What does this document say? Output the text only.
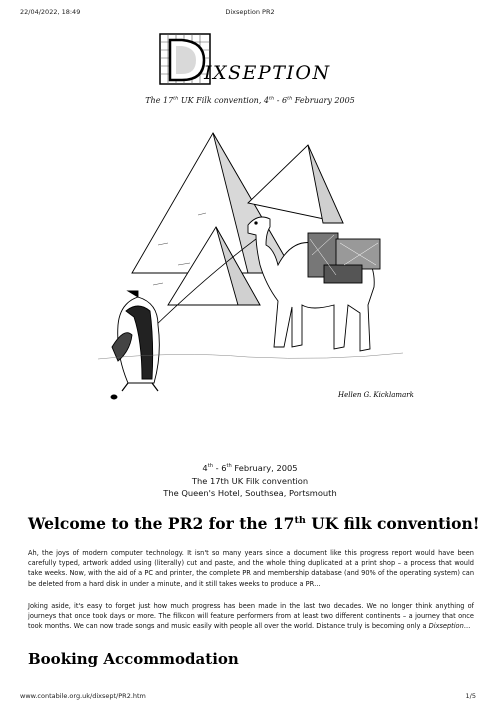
22/04/2022, 18:49	Dixseption PR2
IXSEPTION
The 17th UK Filk convention, 4th - 6th February 2005
Hellen G. Kicklamark
4th - 6th February, 2005
The 17th UK Filk convention
The Queen's Hotel, Southsea, Portsmouth
Welcome to the PR2 for the 17th UK filk convention!

Ah, the joys of modern computer technology. It isn't so many years since a document like this progress report would have been carefully typed, artwork added using (literally) cut and paste, and the whole thing duplicated at a print shop – a process that would take weeks. Now, with the aid of a PC and printer, the complete PR and membership database (and 90% of the operating system) can be deleted from a hard disk in under a minute, and it still takes weeks to produce a PR…

Joking aside, it's easy to forget just how much progress has been made in the last two decades. We no longer think anything of journeys that once took days or more. The filkcon will feature performers from at least two different continents – a journey that once took months. We can now trade songs and music easily with people all over the world. Distance truly is becoming only a Dixseption…

Booking Accommodation
www.contabile.org.uk/dixsept/PR2.htm	1/5
